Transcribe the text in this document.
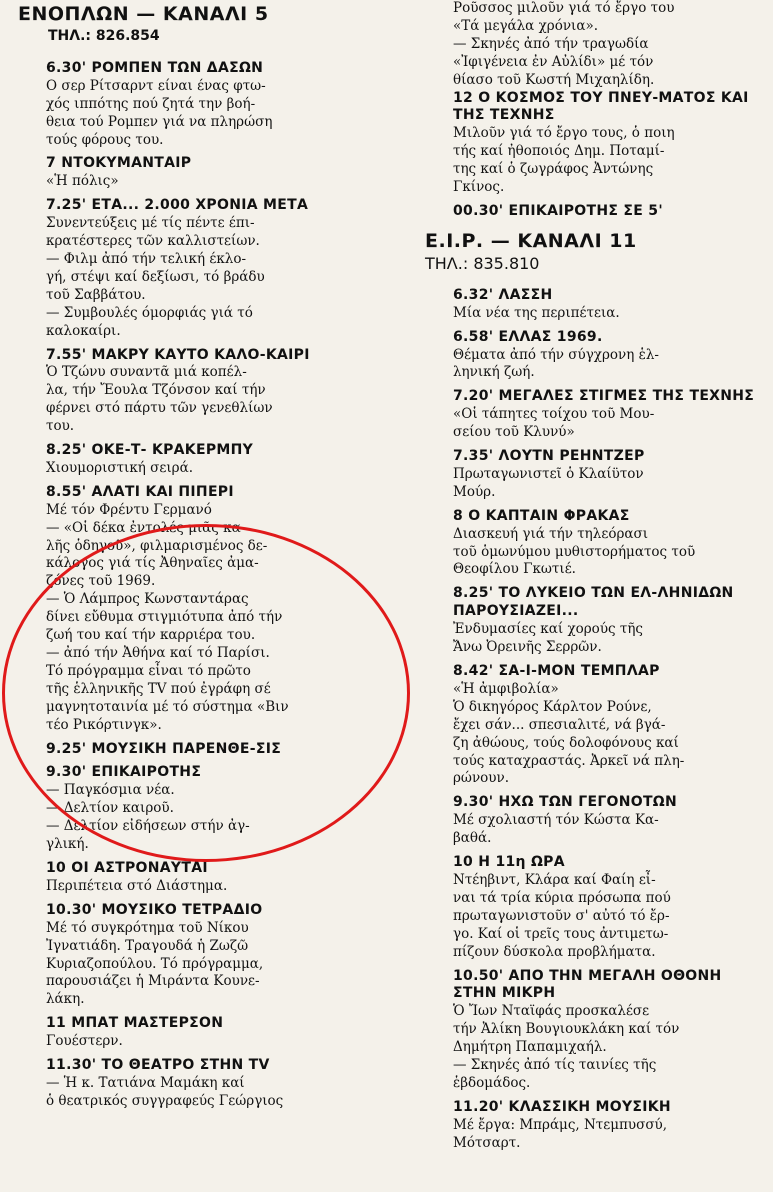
ΕΝΟΠΛΩΝ — ΚΑΝΑΛΙ 5
ΤΗΛ.: 826.854
6.30' ΡΟΜΠΕΝ ΤΩΝ ΔΑΣΩΝ
Ο σερ Ρίτσαρντ είναι ένας φτω-
χός ιππότης πού ζητά την βοή-
θεια τού Ρομπεν γιά να πληρώση
τούς φόρους του.
7 ΝΤΟΚΥΜΑΝΤΑΙΡ
«Ἡ πόλις»
7.25' ΕΤΑ... 2.000 ΧΡΟΝΙΑ ΜΕΤΑ
Συνεντεύξεις μέ τίς πέντε έπι-
κρατέστερες τῶν καλλιστείων.
— Φιλμ ἀπό τήν τελική έκλο-
γή, στέψι καί δεξίωσι, τό βράδυ
τοῦ Σαββάτου.
— Συμβουλές όμορφιάς γιά τό
καλοκαίρι.
7.55' ΜΑΚΡΥ ΚΑΥΤΟ ΚΑΛΟ-ΚΑΙΡΙ
Ὁ Τζώνυ συναντᾶ μιά κοπέλ-
λα, τήν Ἔουλα Τζόνσον καί τήν
φέρνει στό πάρτυ τῶν γενεθλίων
του.
8.25' ΟΚΕ-Τ- ΚΡΑΚΕΡΜΠΥ
Χιουμοριστική σειρά.
8.55' ΑΛΑΤΙ ΚΑΙ ΠΙΠΕΡΙ
Μέ τόν Φρέντυ Γερμανό
— «Οἱ δέκα ἐντολές μιᾶς κα-
λῆς ὁδηγοῦ», φιλμαρισμένος δε-
κάλογος γιά τίς Ἀθηναῖες ἀμα-
ζόνες τοῦ 1969.
— Ὁ Λάμπρος Κωνσταντάρας
δίνει εὔθυμα στιγμιότυπα ἀπό τήν
ζωή του καί τήν καρριέρα του.
— ἀπό τήν Ἀθήνα καί τό Παρίσι.
Τό πρόγραμμα εἶναι τό πρῶτο
τῆς ἑλληνικῆς TV πού ἐγράφη σέ
μαγνητοταινία μέ τό σύστημα «Βιν
τέο Ρικόρτινγκ».
9.25' ΜΟΥΣΙΚΗ ΠΑΡΕΝΘΕ-ΣΙΣ
9.30' ΕΠΙΚΑΙΡΟΤΗΣ
— Παγκόσμια νέα.
— Δελτίον καιροῦ.
— Δελτίον εἰδήσεων στήν ἀγ-
γλική.
10 ΟΙ ΑΣΤΡΟΝΑΥΤΑΙ
Περιπέτεια στό Διάστημα.
10.30' ΜΟΥΣΙΚΟ ΤΕΤΡΑΔΙΟ
Μέ τό συγκρότημα τοῦ Νίκου
Ἰγνατιάδη. Τραγουδά ἡ Ζωζῶ
Κυριαζοπούλου. Τό πρόγραμμα,
παρουσιάζει ἡ Μιράντα Κουνε-
λάκη.
11 ΜΠΑΤ ΜΑΣΤΕΡΣΟΝ
Γουέστερν.
11.30' ΤΟ ΘΕΑΤΡΟ ΣΤΗΝ TV
— Ἡ κ. Τατιάνα Μαμάκη καί
ὁ θεατρικός συγγραφεύς Γεώργιος
Ροῦσσος μιλοῦν γιά τό ἔργο του
«Τά μεγάλα χρόνια».
— Σκηνές ἀπό τήν τραγωδία
«Ἰφιγένεια ἐν Αὐλίδι» μέ τόν
θίασο τοῦ Κωστή Μιχαηλίδη.
12 Ο ΚΟΣΜΟΣ ΤΟΥ ΠΝΕΥ-ΜΑΤΟΣ ΚΑΙ ΤΗΣ ΤΕΧΝΗΣ
Μιλοῦν γιά τό ἔργο τους, ὁ ποιη
τής καί ἠθοποιός Δημ. Ποταμί-
της καί ὁ ζωγράφος Ἀντώνης
Γκίνος.
00.30' ΕΠΙΚΑΙΡΟΤΗΣ ΣΕ 5'
Ε.Ι.Ρ. — ΚΑΝΑΛΙ 11
ΤΗΛ.: 835.810
6.32' ΛΑΣΣΗ
Μία νέα της περιπέτεια.
6.58' ΕΛΛΑΣ 1969.
Θέματα ἀπό τήν σύγχρονη ἑλ-
ληνική ζωή.
7.20' ΜΕΓΑΛΕΣ ΣΤΙΓΜΕΣ ΤΗΣ ΤΕΧΝΗΣ
«Οἱ τάπητες τοίχου τοῦ Μου-
σείου τοῦ Κλυνύ»
7.35' ΛΟΥΤΝ ΡΕΗΝΤΖΕΡ
Πρωταγωνιστεῖ ὁ Κλαίϋτον
Μούρ.
8 Ο ΚΑΠΤΑΙΝ ΦΡΑΚΑΣ
Διασκευή γιά τήν τηλεόρασι
τοῦ ὁμωνύμου μυθιστορήματος τοῦ
Θεοφίλου Γκωτιέ.
8.25' ΤΟ ΛΥΚΕΙΟ ΤΩΝ ΕΛ-ΛΗΝΙΔΩΝ ΠΑΡΟΥΣΙΑΖΕΙ...
Ἐνδυμασίες καί χορούς τῆς
Ἄνω Ὀρεινῆς Σερρῶν.
8.42' ΣΑ-Ι-ΜΟΝ ΤΕΜΠΛΑΡ
«Ἡ ἀμφιβολία»
Ὁ δικηγόρος Κάρλτον Ρούνε,
ἔχει σάν... σπεσιαλιτέ, νά βγά-
ζη ἀθώους, τούς δολοφόνους καί
τούς καταχραστάς. Ἀρκεῖ νά πλη-
ρώνουν.
9.30' ΗΧΩ ΤΩΝ ΓΕΓΟΝΟΤΩΝ
Μέ σχολιαστή τόν Κώστα Κα-
βαθά.
10 Η 11η ΩΡΑ
Ντέηβιντ, Κλάρα καί Φαίη εἶ-
ναι τά τρία κύρια πρόσωπα πού
πρωταγωνιστοῦν σ' αὐτό τό ἔρ-
γο. Καί οἱ τρεῖς τους ἀντιμετω-
πίζουν δύσκολα προβλήματα.
10.50' ΑΠΟ ΤΗΝ ΜΕΓΑΛΗ ΟΘΟΝΗ ΣΤΗΝ ΜΙΚΡΗ
Ὁ Ἴων Νταϊφάς προσκαλέσε
τήν Ἀλίκη Βουγιουκλάκη καί τόν
Δημήτρη Παπαμιχαήλ.
— Σκηνές ἀπό τίς ταινίες τῆς
ἑβδομάδος.
11.20' ΚΛΑΣΣΙΚΗ ΜΟΥΣΙΚΗ
Μέ ἔργα: Μπράμς, Ντεμπυσσύ,
Μότσαρτ.
